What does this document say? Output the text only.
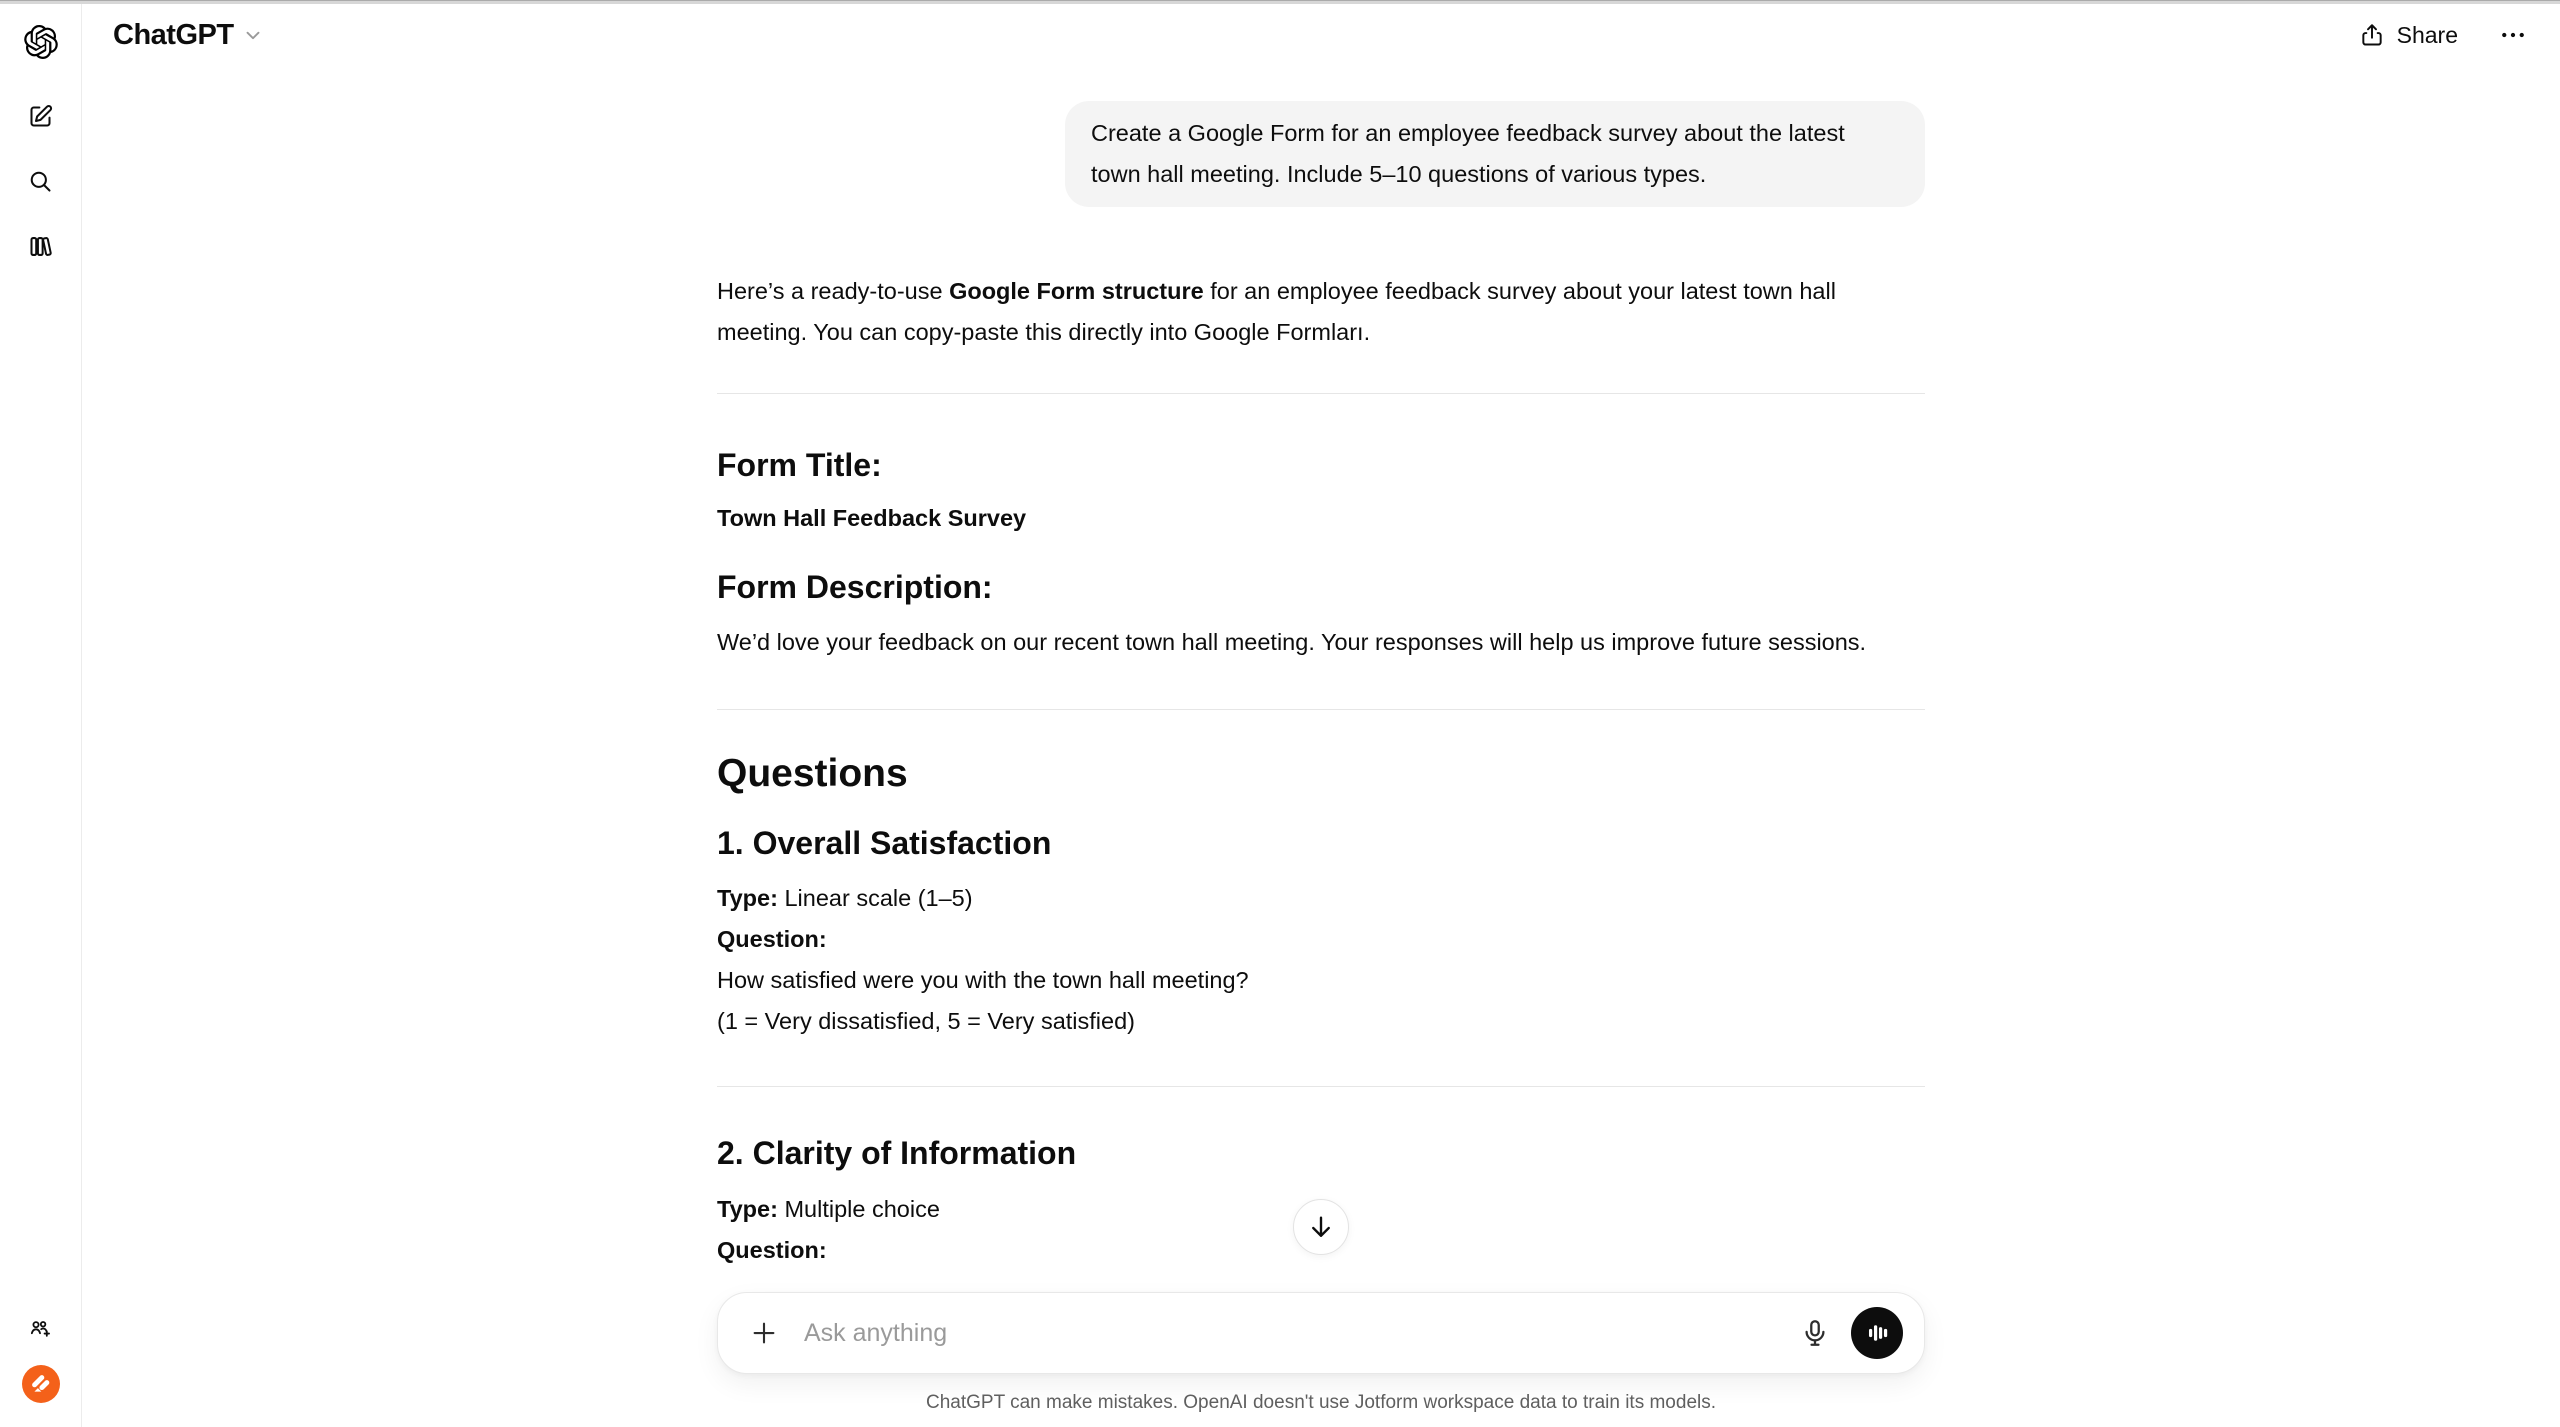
ChatGPT	Share
Create a Google Form for an employee feedback survey about the latest town hall meeting. Include 5–10 questions of various types.

Here’s a ready-to-use Google Form structure for an employee feedback survey about your latest town hall meeting. You can copy-paste this directly into Google Formları.

Form Title:

Town Hall Feedback Survey

Form Description:

We’d love your feedback on our recent town hall meeting. Your responses will help us improve future sessions.

Questions
1. Overall Satisfaction

Type: Linear scale (1–5)
Question:
How satisfied were you with the town hall meeting?
(1 = Very dissatisfied, 5 = Very satisfied)

2. Clarity of Information

Type: Multiple choice
Question:

Ask anything
ChatGPT can make mistakes. OpenAI doesn't use Jotform workspace data to train its models.
